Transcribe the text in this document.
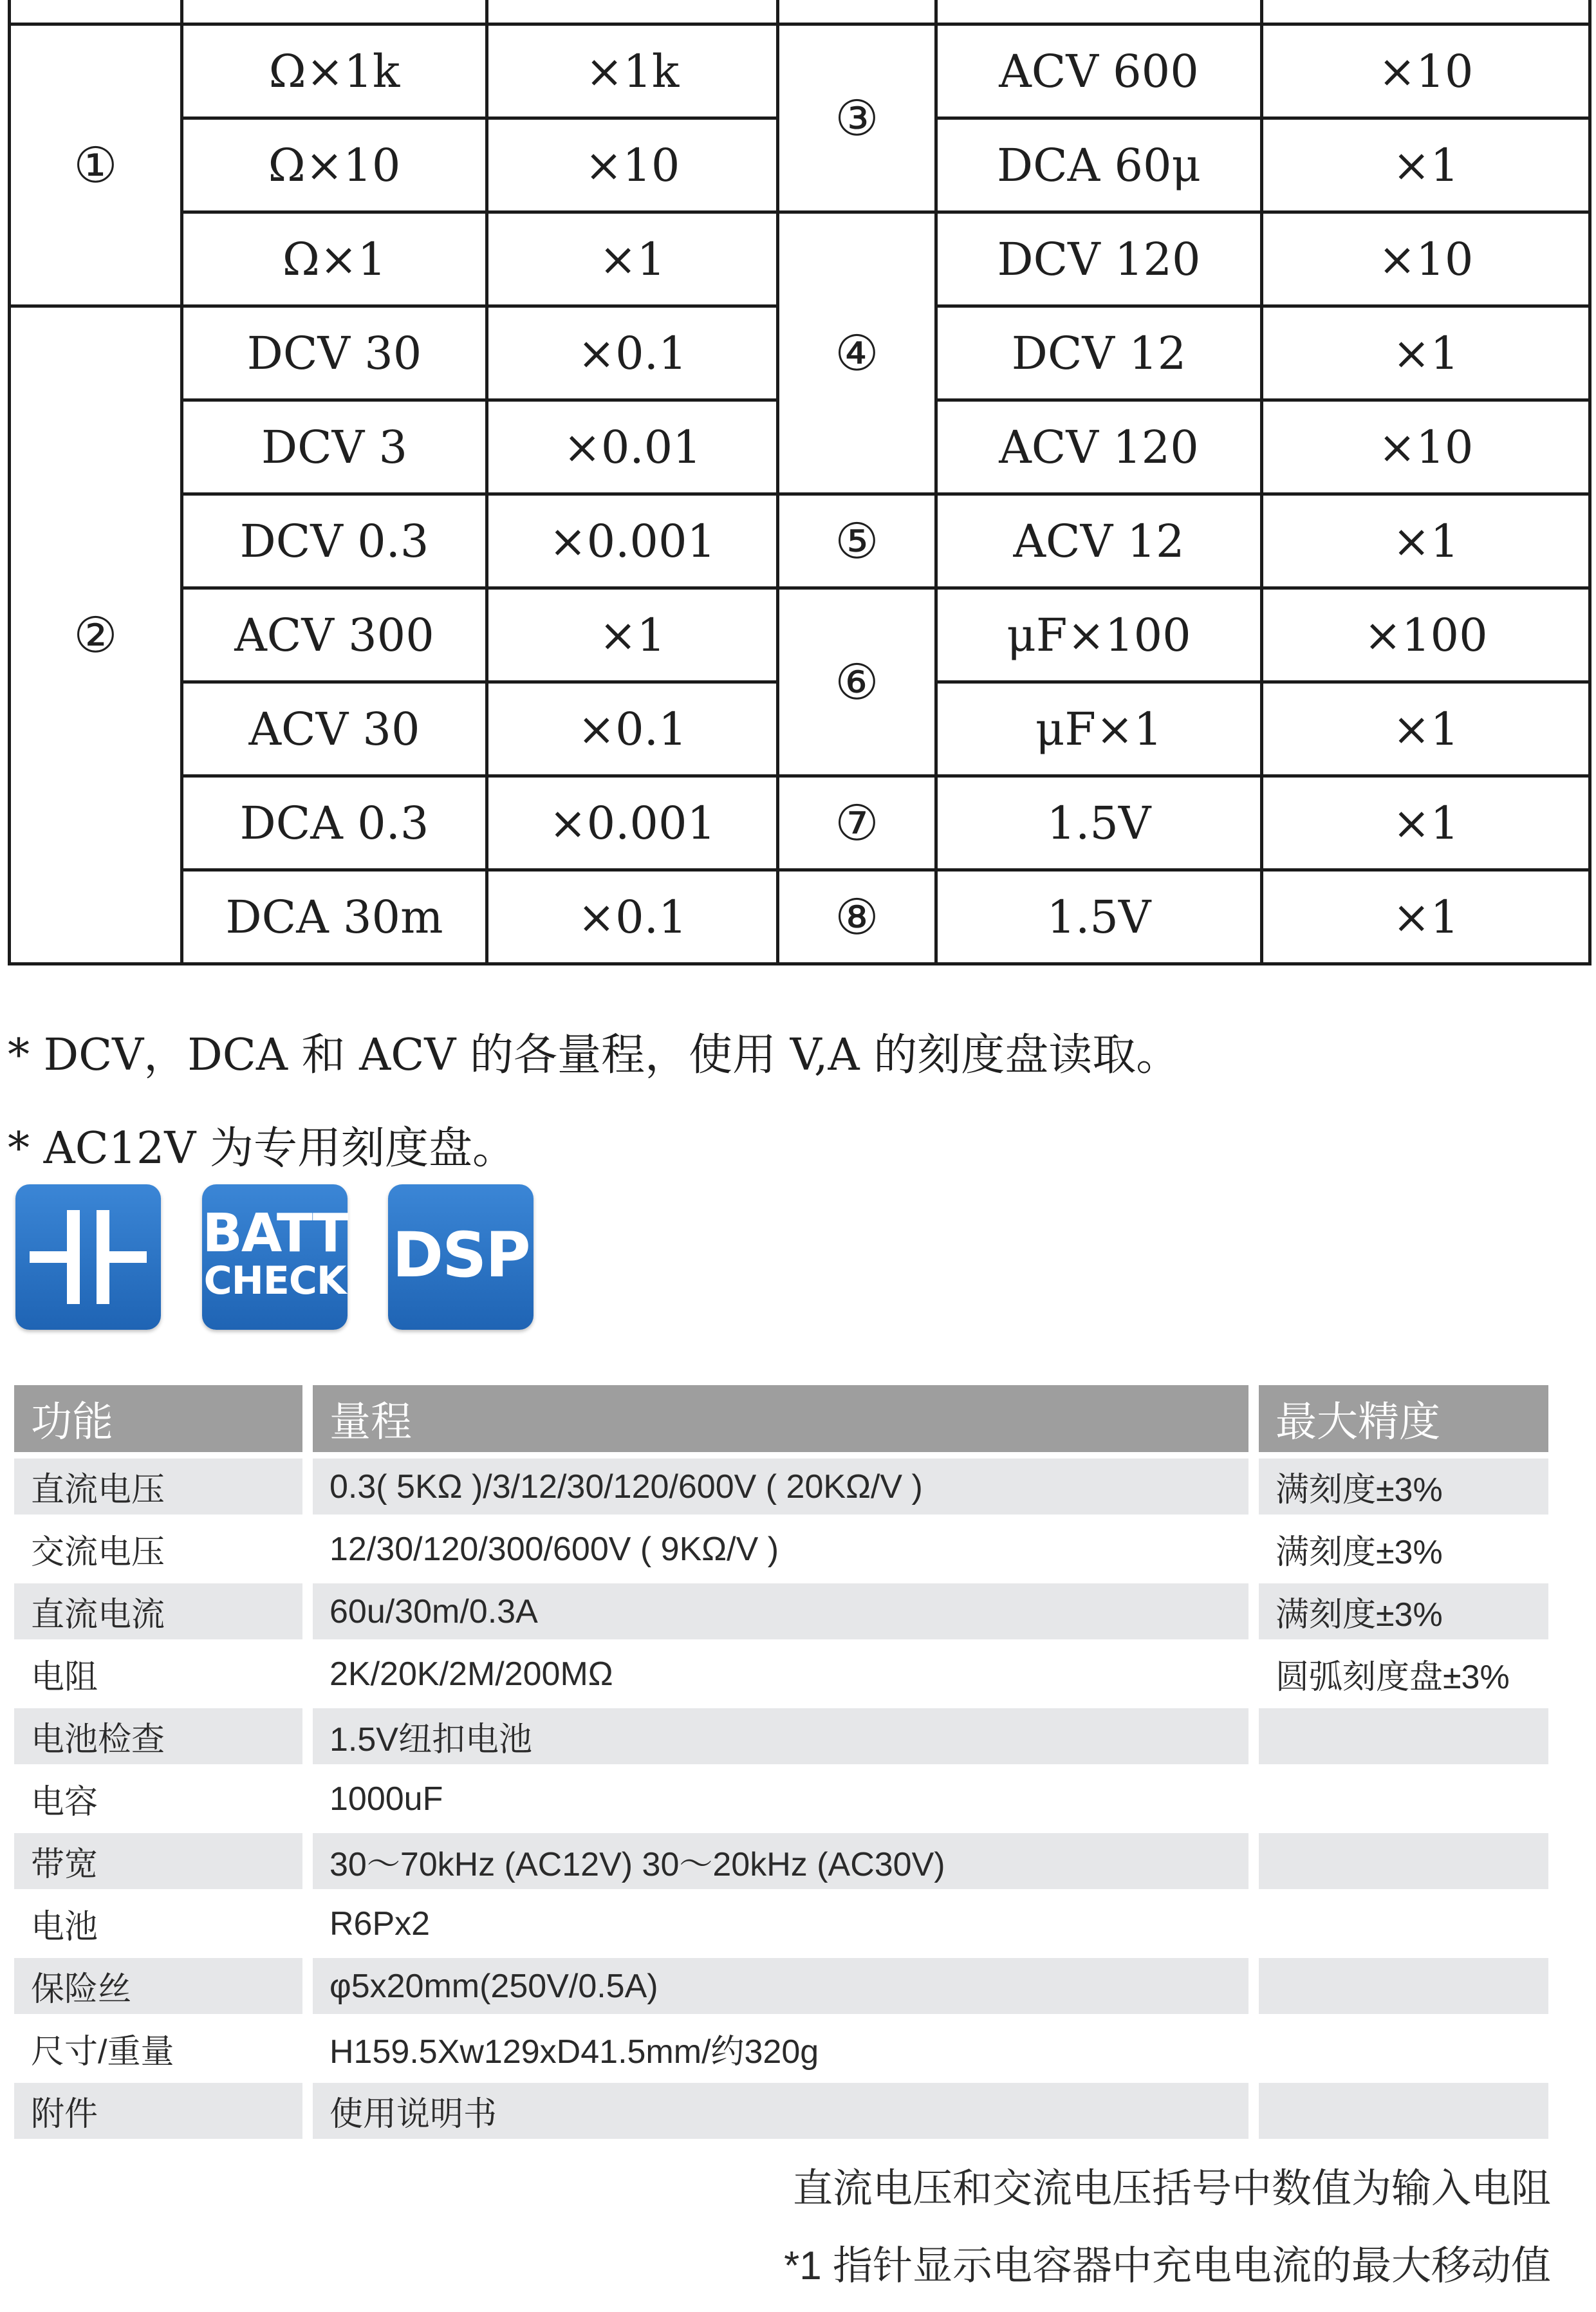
①	Ω×1k	×1k	③	ACV 600	×10
	Ω×10	×10		DCA 60μ	×1
	Ω×1	×1	④	DCV 120	×10
②	DCV 30	×0.1		DCV 12	×1
	DCV 3	×0.01		ACV 120	×10
	DCV 0.3	×0.001	⑤	ACV 12	×1
	ACV 300	×1	⑥	μF×100	×100
	ACV 30	×0.1		μF×1	×1
	DCA 0.3	×0.001	⑦	1.5V	×1
	DCA 30m	×0.1	⑧	1.5V	×1
* DCV，DCA 和 ACV 的各量程，使用 V,A 的刻度盘读取。
* AC12V 为专用刻度盘。
BATT
CHECK DSP
功能	量程	最大精度
直流电压	0.3( 5KΩ )/3/12/30/120/600V ( 20KΩ/V )	满刻度±3%
交流电压	12/30/120/300/600V ( 9KΩ/V )	满刻度±3%
直流电流	60u/30m/0.3A	满刻度±3%
电阻	2K/20K/2M/200MΩ	圆弧刻度盘±3%
电池检查	1.5V纽扣电池	
电容	1000uF	
带宽	30～70kHz (AC12V) 30～20kHz (AC30V)	
电池	R6Px2	
保险丝	φ5x20mm(250V/0.5A)	
尺寸/重量	H159.5Xw129xD41.5mm/约320g	
附件	使用说明书	
直流电压和交流电压括号中数值为输入电阻
*1 指针显示电容器中充电电流的最大移动值
